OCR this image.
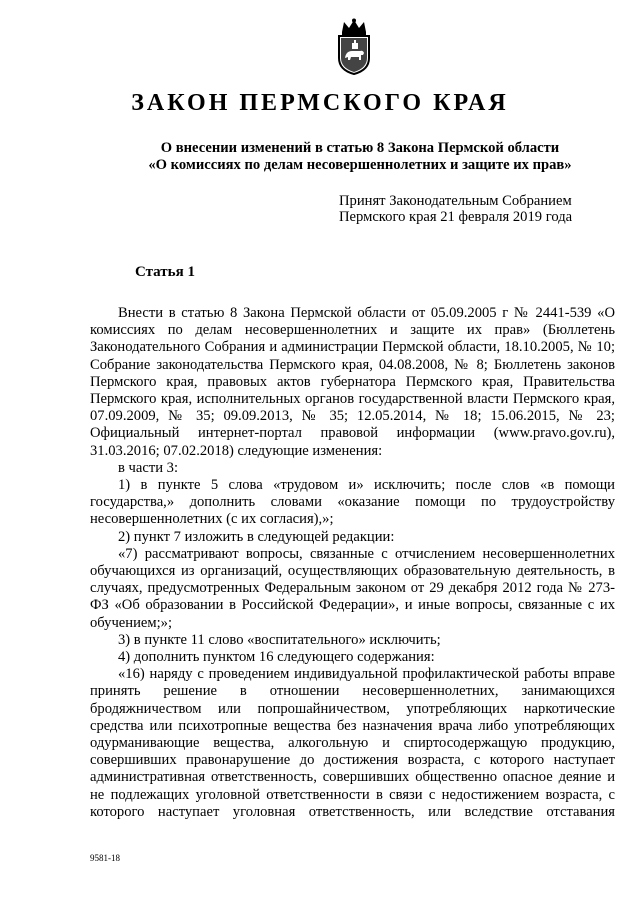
ЗАКОН ПЕРМСКОГО КРАЯ
О внесении изменений в статью 8 Закона Пермской области
«О комиссиях по делам несовершеннолетних и защите их прав»
Принят Законодательным Собранием
Пермского края 21 февраля 2019 года
Статья 1

Внести в статью 8 Закона Пермской области от 05.09.2005 г № 2441-539 «О комиссиях по делам несовершеннолетних и защите их прав» (Бюллетень Законодательного Собрания и администрации Пермской области, 18.10.2005, № 10; Собрание законодательства Пермского края, 04.08.2008, № 8; Бюллетень законов Пермского края, правовых актов губернатора Пермского края, Правительства Пермского края, исполнительных органов государственной власти Пермского края, 07.09.2009, № 35; 09.09.2013, № 35; 12.05.2014, № 18; 15.06.2015, № 23; Официальный интернет-портал правовой информации (www.pravo.gov.ru), 31.03.2016; 07.02.2018) следующие изменения:

в части 3:

1) в пункте 5 слова «трудовом и» исключить; после слов «в помощи государства,» дополнить словами «оказание помощи по трудоустройству несовершеннолетних (с их согласия),»;

2) пункт 7 изложить в следующей редакции:

«7) рассматривают вопросы, связанные с отчислением несовершеннолетних обучающихся из организаций, осуществляющих образовательную деятельность, в случаях, предусмотренных Федеральным законом от 29 декабря 2012 года № 273-ФЗ «Об образовании в Российской Федерации», и иные вопросы, связанные с их обучением;»;

3) в пункте 11 слово «воспитательного» исключить;

4) дополнить пунктом 16 следующего содержания:

«16) наряду с проведением индивидуальной профилактической работы вправе принять решение в отношении несовершеннолетних, занимающихся бродяжничеством или попрошайничеством, употребляющих наркотические средства или психотропные вещества без назначения врача либо употребляющих одурманивающие вещества, алкогольную и спиртосодержащую продукцию, совершивших правонарушение до достижения возраста, с которого наступает административная ответственность, совершивших общественно опасное деяние и не подлежащих уголовной ответственности в связи с недостижением возраста, с которого наступает уголовная ответственность, или вследствие отставания

9581-18
